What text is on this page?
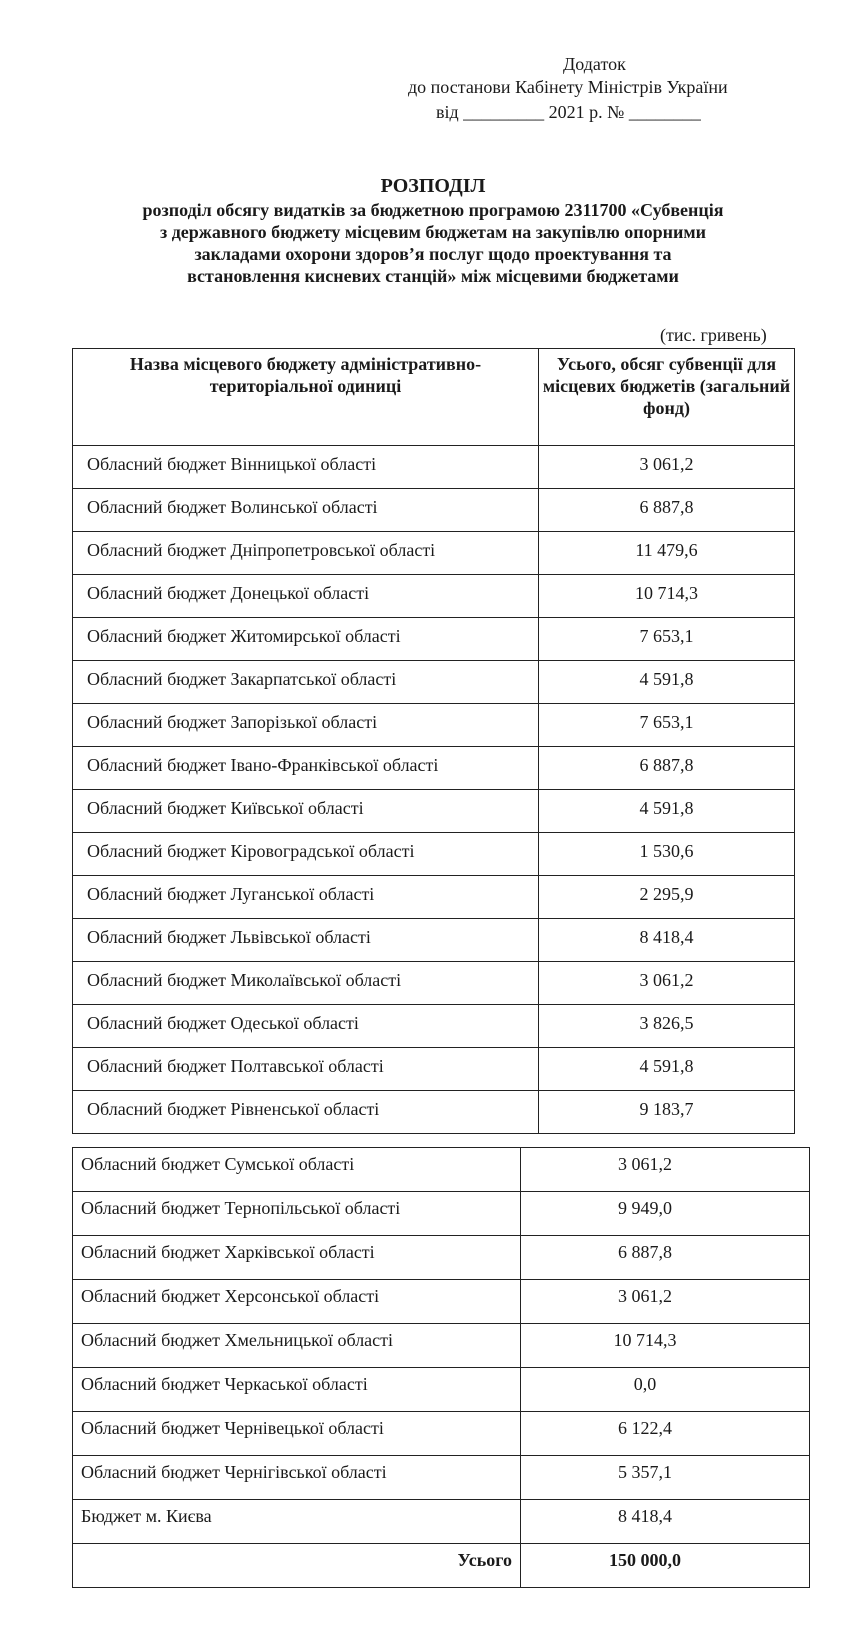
Додаток
до постанови Кабінету Міністрів України
від _________ 2021 р. № ________
РОЗПОДІЛ
розподіл обсягу видатків за бюджетною програмою 2311700 «Субвенція
з державного бюджету місцевим бюджетам на закупівлю опорними
закладами охорони здоров’я послуг щодо проектування та
встановлення кисневих станцій» між місцевими бюджетами
(тис. гривень)
Назва місцевого бюджету адміністративно-територіальної одиниці	Усього, обсяг субвенції для місцевих бюджетів (загальний фонд)
Обласний бюджет Вінницької області	3 061,2
Обласний бюджет Волинської області	6 887,8
Обласний бюджет Дніпропетровської області	11 479,6
Обласний бюджет Донецької області	10 714,3
Обласний бюджет Житомирської області	7 653,1
Обласний бюджет Закарпатської області	4 591,8
Обласний бюджет Запорізької області	7 653,1
Обласний бюджет Івано-Франківської області	6 887,8
Обласний бюджет Київської області	4 591,8
Обласний бюджет Кіровоградської області	1 530,6
Обласний бюджет Луганської області	2 295,9
Обласний бюджет Львівської області	8 418,4
Обласний бюджет Миколаївської області	3 061,2
Обласний бюджет Одеської області	3 826,5
Обласний бюджет Полтавської області	4 591,8
Обласний бюджет Рівненської області	9 183,7
Обласний бюджет Сумської області	3 061,2
Обласний бюджет Тернопільської області	9 949,0
Обласний бюджет Харківської області	6 887,8
Обласний бюджет Херсонської області	3 061,2
Обласний бюджет Хмельницької області	10 714,3
Обласний бюджет Черкаської області	0,0
Обласний бюджет Чернівецької області	6 122,4
Обласний бюджет Чернігівської області	5 357,1
Бюджет м. Києва	8 418,4
Усього	150 000,0
